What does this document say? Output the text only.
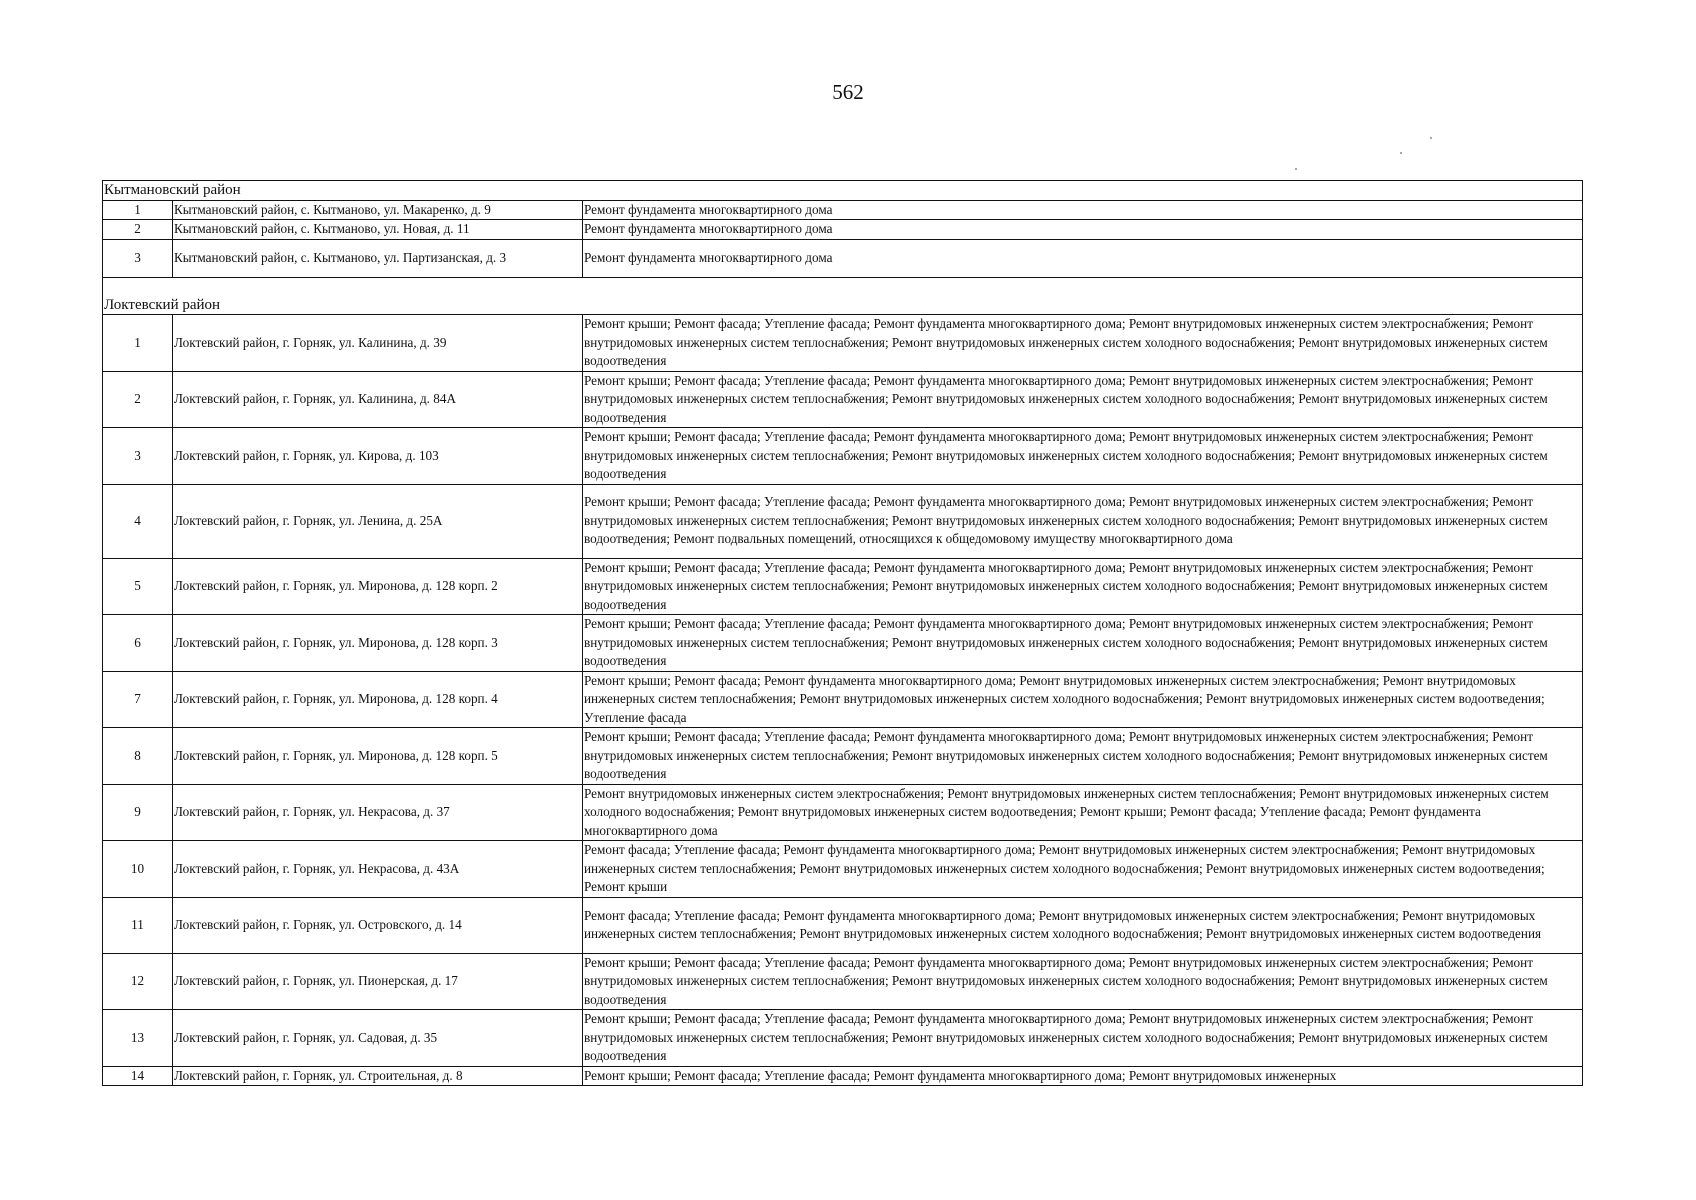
562
Кытмановский район		
1	Кытмановский район, с. Кытманово, ул. Макаренко, д. 9	Ремонт фундамента многоквартирного дома
2	Кытмановский район, с. Кытманово, ул. Новая, д. 11	Ремонт фундамента многоквартирного дома
3	Кытмановский район, с. Кытманово, ул. Партизанская, д. 3	Ремонт фундамента многоквартирного дома
Локтевский район		
1	Локтевский район, г. Горняк, ул. Калинина, д. 39	Ремонт крыши; Ремонт фасада; Утепление фасада; Ремонт фундамента многоквартирного дома; Ремонт внутридомовых инженерных систем электроснабжения; Ремонт внутридомовых инженерных систем теплоснабжения; Ремонт внутридомовых инженерных систем холодного водоснабжения; Ремонт внутридомовых инженерных систем водоотведения
2	Локтевский район, г. Горняк, ул. Калинина, д. 84А	Ремонт крыши; Ремонт фасада; Утепление фасада; Ремонт фундамента многоквартирного дома; Ремонт внутридомовых инженерных систем электроснабжения; Ремонт внутридомовых инженерных систем теплоснабжения; Ремонт внутридомовых инженерных систем холодного водоснабжения; Ремонт внутридомовых инженерных систем водоотведения
3	Локтевский район, г. Горняк, ул. Кирова, д. 103	Ремонт крыши; Ремонт фасада; Утепление фасада; Ремонт фундамента многоквартирного дома; Ремонт внутридомовых инженерных систем электроснабжения; Ремонт внутридомовых инженерных систем теплоснабжения; Ремонт внутридомовых инженерных систем холодного водоснабжения; Ремонт внутридомовых инженерных систем водоотведения
4	Локтевский район, г. Горняк, ул. Ленина, д. 25А	Ремонт крыши; Ремонт фасада; Утепление фасада; Ремонт фундамента многоквартирного дома; Ремонт внутридомовых инженерных систем электроснабжения; Ремонт внутридомовых инженерных систем теплоснабжения; Ремонт внутридомовых инженерных систем холодного водоснабжения; Ремонт внутридомовых инженерных систем водоотведения; Ремонт подвальных помещений, относящихся к общедомовому имуществу многоквартирного дома
5	Локтевский район, г. Горняк, ул. Миронова, д. 128 корп. 2	Ремонт крыши; Ремонт фасада; Утепление фасада; Ремонт фундамента многоквартирного дома; Ремонт внутридомовых инженерных систем электроснабжения; Ремонт внутридомовых инженерных систем теплоснабжения; Ремонт внутридомовых инженерных систем холодного водоснабжения; Ремонт внутридомовых инженерных систем водоотведения
6	Локтевский район, г. Горняк, ул. Миронова, д. 128 корп. 3	Ремонт крыши; Ремонт фасада; Утепление фасада; Ремонт фундамента многоквартирного дома; Ремонт внутридомовых инженерных систем электроснабжения; Ремонт внутридомовых инженерных систем теплоснабжения; Ремонт внутридомовых инженерных систем холодного водоснабжения; Ремонт внутридомовых инженерных систем водоотведения
7	Локтевский район, г. Горняк, ул. Миронова, д. 128 корп. 4	Ремонт крыши; Ремонт фасада; Ремонт фундамента многоквартирного дома; Ремонт внутридомовых инженерных систем электроснабжения; Ремонт внутридомовых инженерных систем теплоснабжения; Ремонт внутридомовых инженерных систем холодного водоснабжения; Ремонт внутридомовых инженерных систем водоотведения; Утепление фасада
8	Локтевский район, г. Горняк, ул. Миронова, д. 128 корп. 5	Ремонт крыши; Ремонт фасада; Утепление фасада; Ремонт фундамента многоквартирного дома; Ремонт внутридомовых инженерных систем электроснабжения; Ремонт внутридомовых инженерных систем теплоснабжения; Ремонт внутридомовых инженерных систем холодного водоснабжения; Ремонт внутридомовых инженерных систем водоотведения
9	Локтевский район, г. Горняк, ул. Некрасова, д. 37	Ремонт внутридомовых инженерных систем электроснабжения; Ремонт внутридомовых инженерных систем теплоснабжения; Ремонт внутридомовых инженерных систем холодного водоснабжения; Ремонт внутридомовых инженерных систем водоотведения; Ремонт крыши; Ремонт фасада; Утепление фасада; Ремонт фундамента многоквартирного дома
10	Локтевский район, г. Горняк, ул. Некрасова, д. 43А	Ремонт фасада; Утепление фасада; Ремонт фундамента многоквартирного дома; Ремонт внутридомовых инженерных систем электроснабжения; Ремонт внутридомовых инженерных систем теплоснабжения; Ремонт внутридомовых инженерных систем холодного водоснабжения; Ремонт внутридомовых инженерных систем водоотведения; Ремонт крыши
11	Локтевский район, г. Горняк, ул. Островского, д. 14	Ремонт фасада; Утепление фасада; Ремонт фундамента многоквартирного дома; Ремонт внутридомовых инженерных систем электроснабжения; Ремонт внутридомовых инженерных систем теплоснабжения; Ремонт внутридомовых инженерных систем холодного водоснабжения; Ремонт внутридомовых инженерных систем водоотведения
12	Локтевский район, г. Горняк, ул. Пионерская, д. 17	Ремонт крыши; Ремонт фасада; Утепление фасада; Ремонт фундамента многоквартирного дома; Ремонт внутридомовых инженерных систем электроснабжения; Ремонт внутридомовых инженерных систем теплоснабжения; Ремонт внутридомовых инженерных систем холодного водоснабжения; Ремонт внутридомовых инженерных систем водоотведения
13	Локтевский район, г. Горняк, ул. Садовая, д. 35	Ремонт крыши; Ремонт фасада; Утепление фасада; Ремонт фундамента многоквартирного дома; Ремонт внутридомовых инженерных систем электроснабжения; Ремонт внутридомовых инженерных систем теплоснабжения; Ремонт внутридомовых инженерных систем холодного водоснабжения; Ремонт внутридомовых инженерных систем водоотведения
14	Локтевский район, г. Горняк, ул. Строительная, д. 8	Ремонт крыши; Ремонт фасада; Утепление фасада; Ремонт фундамента многоквартирного дома; Ремонт внутридомовых инженерных
